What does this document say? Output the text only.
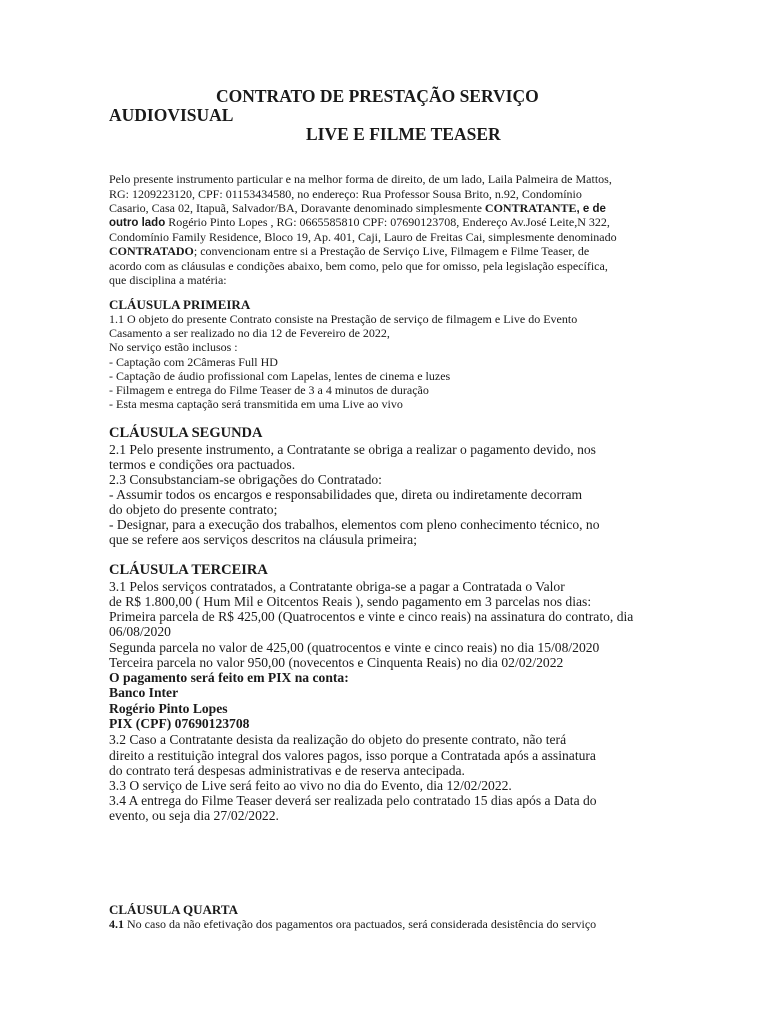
CONTRATO DE PRESTAÇÃO SERVIÇO
AUDIOVISUAL
LIVE E FILME TEASER
Pelo presente instrumento particular e na melhor forma de direito, de um lado, Laila Palmeira de Mattos,
RG: 1209223120, CPF: 01153434580, no endereço: Rua Professor Sousa Brito, n.92, Condomínio
Casario, Casa 02, Itapuã, Salvador/BA, Doravante denominado simplesmente CONTRATANTE, e de
outro lado Rogério Pinto Lopes , RG: 0665585810 CPF: 07690123708, Endereço Av.José Leite,N 322,
Condomínio Family Residence, Bloco 19, Ap. 401, Caji, Lauro de Freitas Cai, simplesmente denominado
CONTRATADO; convencionam entre si a Prestação de Serviço Live, Filmagem e Filme Teaser, de
acordo com as cláusulas e condições abaixo, bem como, pelo que for omisso, pela legislação específica,
que disciplina a matéria:
CLÁUSULA PRIMEIRA
1.1 O objeto do presente Contrato consiste na Prestação de serviço de filmagem e Live do Evento
Casamento a ser realizado no dia 12 de Fevereiro de 2022,
No serviço estão inclusos :
- Captação com 2Câmeras Full HD
- Captação de áudio profissional com Lapelas, lentes de cinema e luzes
- Filmagem e entrega do Filme Teaser de 3 a 4 minutos de duração
- Esta mesma captação será transmitida em uma Live ao vivo
CLÁUSULA SEGUNDA
2.1 Pelo presente instrumento, a Contratante se obriga a realizar o pagamento devido, nos
termos e condições ora pactuados.
2.3 Consubstanciam-se obrigações do Contratado:
- Assumir todos os encargos e responsabilidades que, direta ou indiretamente decorram
do objeto do presente contrato;
- Designar, para a execução dos trabalhos, elementos com pleno conhecimento técnico, no
que se refere aos serviços descritos na cláusula primeira;
CLÁUSULA TERCEIRA
3.1 Pelos serviços contratados, a Contratante obriga-se a pagar a Contratada o Valor
de R$ 1.800,00 ( Hum Mil e Oitcentos Reais ), sendo pagamento em 3 parcelas nos dias:
Primeira parcela de R$ 425,00 (Quatrocentos e vinte e cinco reais) na assinatura do contrato, dia
06/08/2020
Segunda parcela no valor de 425,00 (quatrocentos e vinte e cinco reais) no dia 15/08/2020
Terceira parcela no valor 950,00 (novecentos e Cinquenta Reais) no dia 02/02/2022
O pagamento será feito em PIX na conta:
Banco Inter
Rogério Pinto Lopes
PIX (CPF) 07690123708
3.2 Caso a Contratante desista da realização do objeto do presente contrato, não terá
direito a restituição integral dos valores pagos, isso porque a Contratada após a assinatura
do contrato terá despesas administrativas e de reserva antecipada.
3.3 O serviço de Live será feito ao vivo no dia do Evento, dia 12/02/2022.
3.4 A entrega do Filme Teaser deverá ser realizada pelo contratado 15 dias após a Data do
evento, ou seja dia 27/02/2022.
CLÁUSULA QUARTA
4.1 No caso da não efetivação dos pagamentos ora pactuados, será considerada desistência do serviço
